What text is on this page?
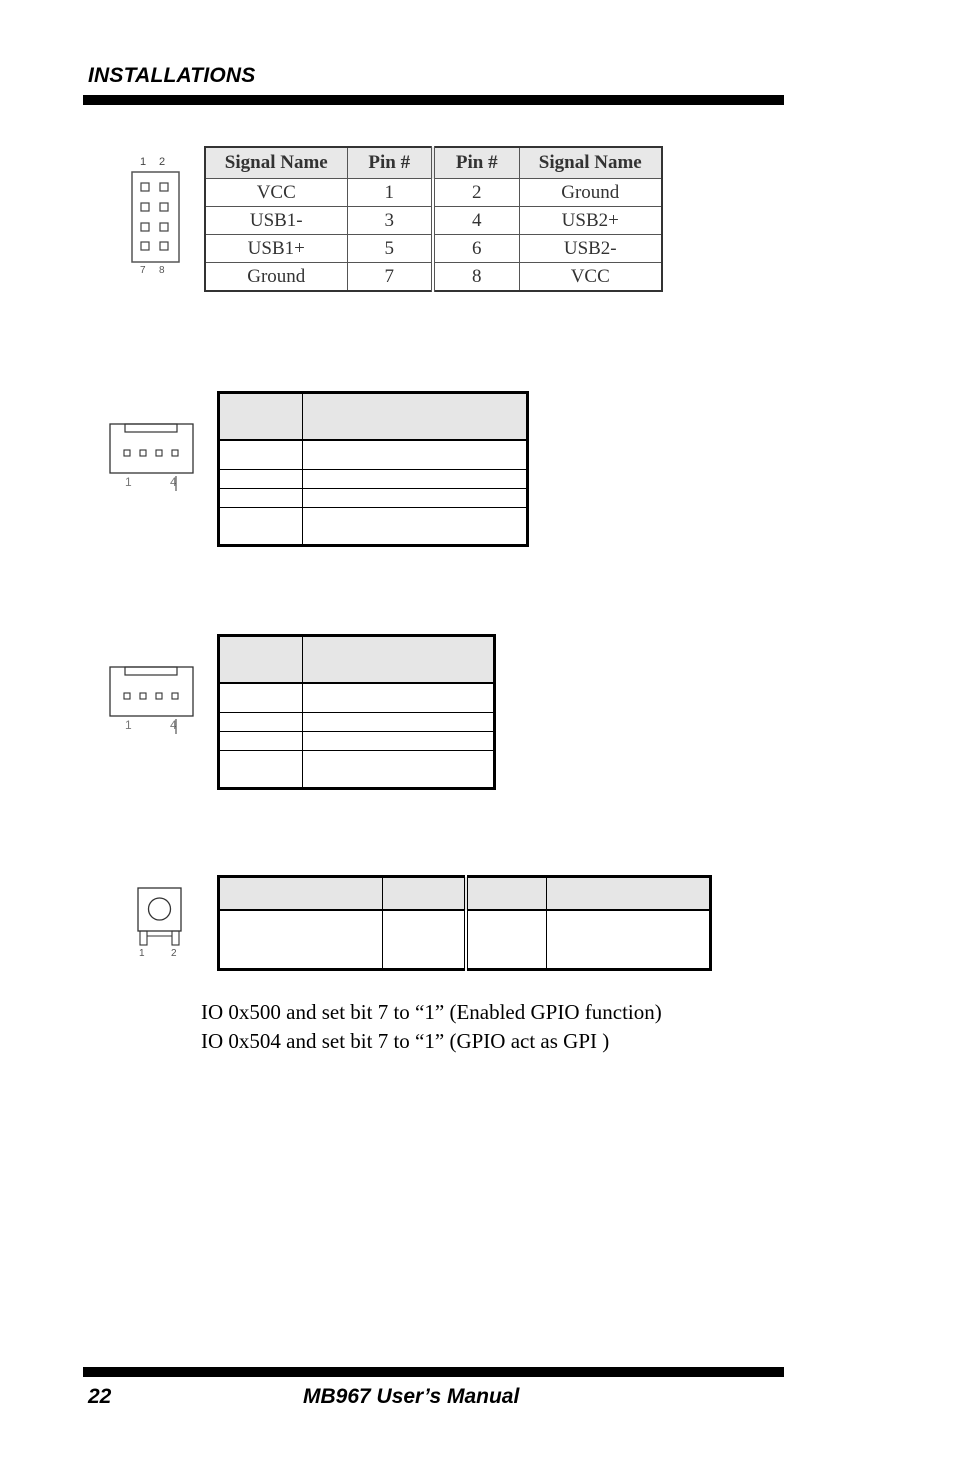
INSTALLATIONS
1 2
7 8
Signal Name	Pin #	Pin #	Signal Name
VCC	1	2	Ground
USB1-	3	4	USB2+
USB1+	5	6	USB2-
Ground	7	8	VCC
1	4

1	4

1	2

IO 0x500 and set bit 7 to “1” (Enabled GPIO function)
IO 0x504 and set bit 7 to “1” (GPIO act as GPI )
22	MB967 User’s Manual
